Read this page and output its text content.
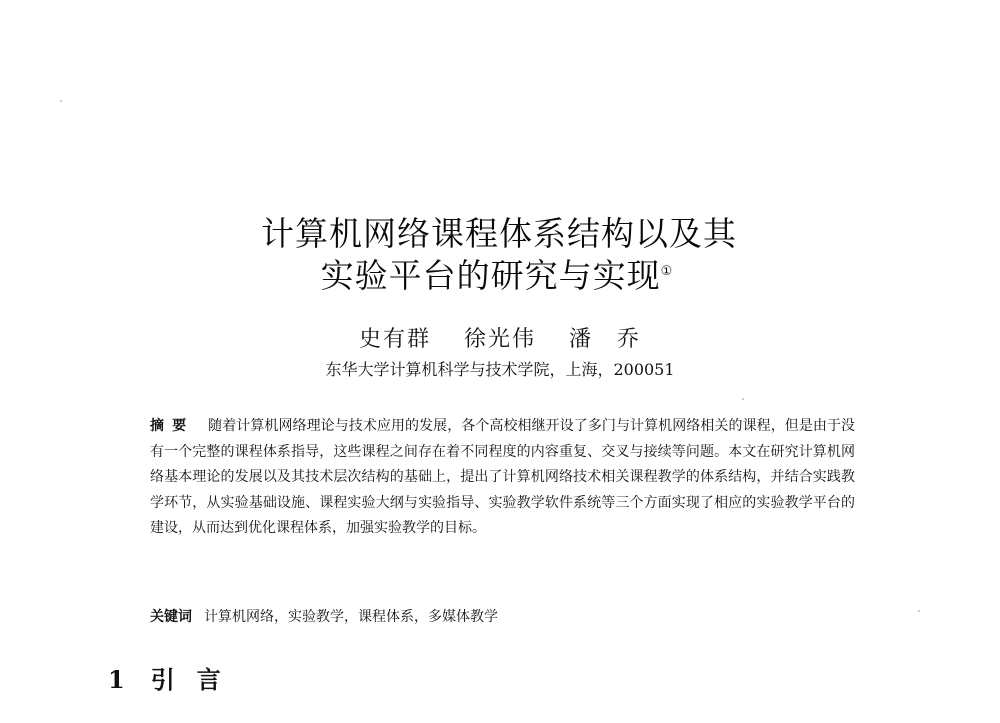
计算机网络课程体系结构以及其
实验平台的研究与实现①
史有群 徐光伟 潘　乔
东华大学计算机科学与技术学院，上海，200051
摘要 随着计算机网络理论与技术应用的发展，各个高校相继开设了多门与计算机网络相关的课程，但是由于没有一个完整的课程体系指导，这些课程之间存在着不同程度的内容重复、交叉与接续等问题。本文在研究计算机网络基本理论的发展以及其技术层次结构的基础上，提出了计算机网络技术相关课程教学的体系结构，并结合实践教学环节，从实验基础设施、课程实验大纲与实验指导、实验教学软件系统等三个方面实现了相应的实验教学平台的建设，从而达到优化课程体系，加强实验教学的目标。
关键词 计算机网络，实验教学，课程体系，多媒体教学
1 引言
